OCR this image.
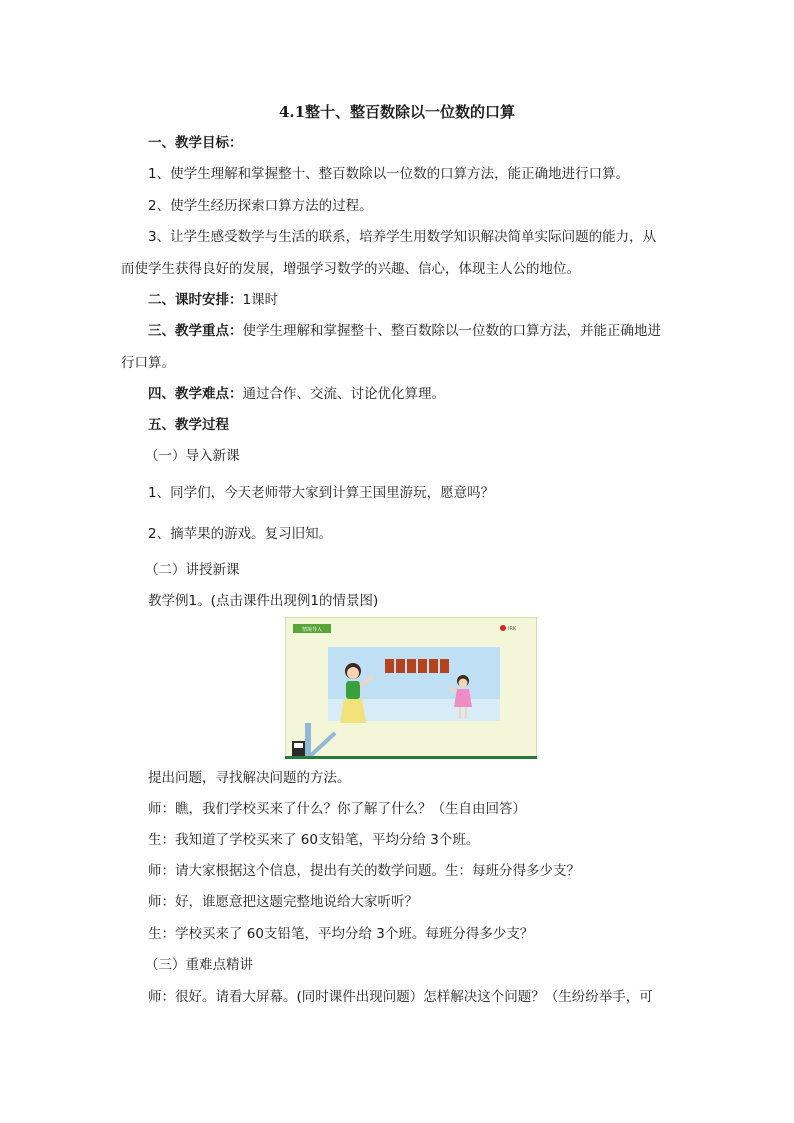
4.1整十、整百数除以一位数的口算
一、教学目标：
1、使学生理解和掌握整十、整百数除以一位数的口算方法，能正确地进行口算。
2、使学生经历探索口算方法的过程。
3、让学生感受数学与生活的联系，培养学生用数学知识解决简单实际问题的能力，从
而使学生获得良好的发展，增强学习数学的兴趣、信心，体现主人公的地位。
二、课时安排：1课时
三、教学重点：使学生理解和掌握整十、整百数除以一位数的口算方法，并能正确地进
行口算。
四、教学难点：通过合作、交流、讨论优化算理。
五、教学过程
（一）导入新课
1、同学们，今天老师带大家到计算王国里游玩，愿意吗？
2、摘苹果的游戏。复习旧知。
（二）讲授新课
教学例1。(点击课件出现例1的情景图)
情境导入	IRK
提出问题，寻找解决问题的方法。
师：瞧，我们学校买来了什么？你了解了什么？（生自由回答）
生：我知道了学校买来了 60支铅笔，平均分给 3个班。
师：请大家根据这个信息，提出有关的数学问题。生：每班分得多少支？
师：好，谁愿意把这题完整地说给大家听听？
生：学校买来了 60支铅笔，平均分给 3个班。每班分得多少支？
（三）重难点精讲
师：很好。请看大屏幕。(同时课件出现问题）怎样解决这个问题？（生纷纷举手，可
